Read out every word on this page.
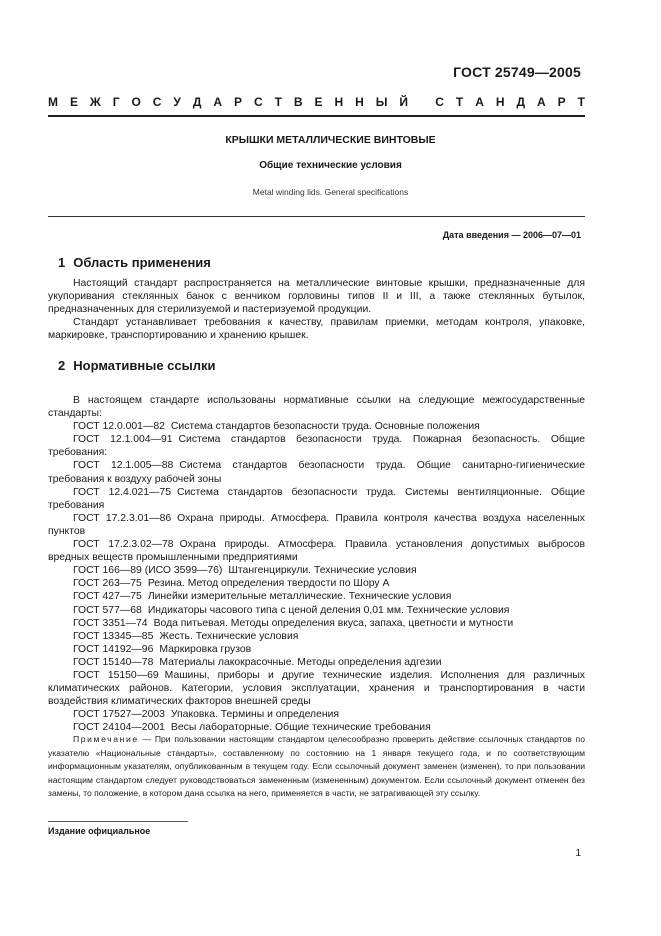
ГОСТ 25749—2005
М Е Ж Г О С У Д А Р С Т В Е Н Н Ы Й
С Т А Н Д А Р Т
КРЫШКИ МЕТАЛЛИЧЕСКИЕ ВИНТОВЫЕ
Общие технические условия
Metal winding lids. General specifications
Дата введения — 2006—07—01
1 Область применения

Настоящий стандарт распространяется на металлические винтовые крышки, предназначенные для укупоривания стеклянных банок с венчиком горловины типов II и III, а также стеклянных бутылок, предназначенных для стерилизуемой и пастеризуемой продукции.

Стандарт устанавливает требования к качеству, правилам приемки, методам контроля, упаковке, маркировке, транспортированию и хранению крышек.

2 Нормативные ссылки
В настоящем стандарте использованы нормативные ссылки на следующие межгосударственные стандарты:
ГОСТ 12.0.001—82 Система стандартов безопасности труда. Основные положения
ГОСТ 12.1.004—91 Система стандартов безопасности труда. Пожарная безопасность. Общие требования:
ГОСТ 12.1.005—88 Система стандартов безопасности труда. Общие санитарно-гигиенические требования к воздуху рабочей зоны
ГОСТ 12.4.021—75 Система стандартов безопасности труда. Системы вентиляционные. Общие требования
ГОСТ 17.2.3.01—86 Охрана природы. Атмосфера. Правила контроля качества воздуха населенных пунктов
ГОСТ 17.2.3.02—78 Охрана природы. Атмосфера. Правила установления допустимых выбросов вредных веществ промышленными предприятиями
ГОСТ 166—89 (ИСО 3599—76) Штангенциркули. Технические условия
ГОСТ 263—75 Резина. Метод определения твердости по Шору А
ГОСТ 427—75 Линейки измерительные металлические. Технические условия
ГОСТ 577—68 Индикаторы часового типа с ценой деления 0,01 мм. Технические условия
ГОСТ 3351—74 Вода питьевая. Методы определения вкуса, запаха, цветности и мутности
ГОСТ 13345—85 Жесть. Технические условия
ГОСТ 14192—96 Маркировка грузов
ГОСТ 15140—78 Материалы лакокрасочные. Методы определения адгезии
ГОСТ 15150—69 Машины, приборы и другие технические изделия. Исполнения для различных климатических районов. Категории, условия эксплуатации, хранения и транспортирования в части воздействия климатических факторов внешней среды
ГОСТ 17527—2003 Упаковка. Термины и определения
ГОСТ 24104—2001 Весы лабораторные. Общие технические требования
Примечание — При пользовании настоящим стандартом целесообразно проверить действие ссылочных стандартов по указателю «Национальные стандарты», составленному по состоянию на 1 января текущего года, и по соответствующим информационным указателям, опубликованным в текущем году. Если ссылочный документ заменен (изменен), то при пользовании настоящим стандартом следует руководствоваться замененным (измененным) документом. Если ссылочный документ отменен без замены, то положение, в котором дана ссылка на него, применяется в части, не затрагивающей эту ссылку.
Издание официальное
1
